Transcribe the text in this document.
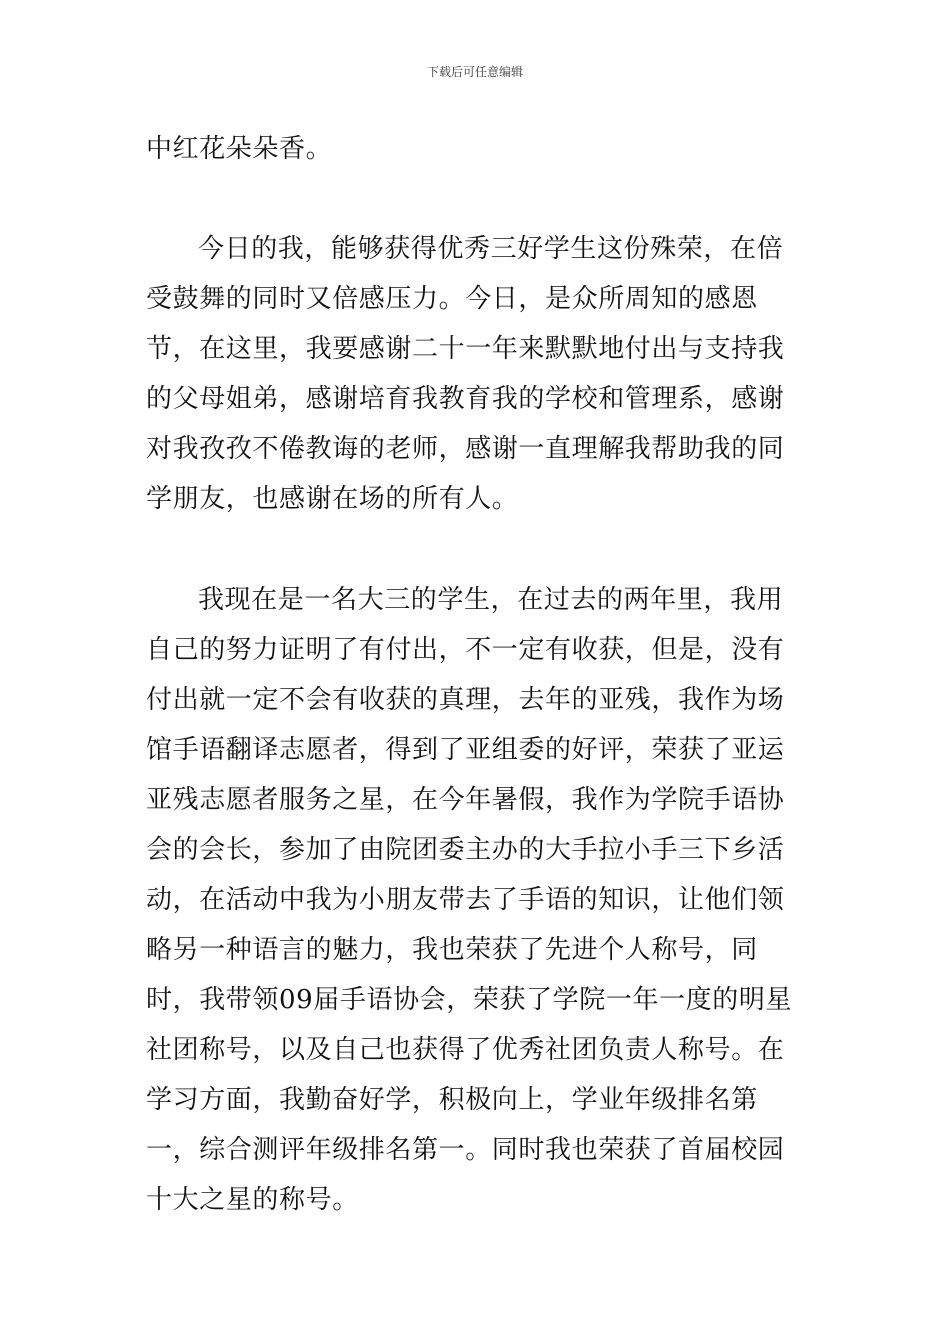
下载后可任意编辑

中红花朵朵香。

今日的我，能够获得优秀三好学生这份殊荣，在倍受鼓舞的同时又倍感压力。今日，是众所周知的感恩节，在这里，我要感谢二十一年来默默地付出与支持我的父母姐弟，感谢培育我教育我的学校和管理系，感谢对我孜孜不倦教诲的老师，感谢一直理解我帮助我的同学朋友，也感谢在场的所有人。

我现在是一名大三的学生，在过去的两年里，我用自己的努力证明了有付出，不一定有收获，但是，没有付出就一定不会有收获的真理，去年的亚残，我作为场馆手语翻译志愿者，得到了亚组委的好评，荣获了亚运亚残志愿者服务之星，在今年暑假，我作为学院手语协会的会长，参加了由院团委主办的大手拉小手三下乡活动，在活动中我为小朋友带去了手语的知识，让他们领略另一种语言的魅力，我也荣获了先进个人称号，同时，我带领09届手语协会，荣获了学院一年一度的明星社团称号，以及自己也获得了优秀社团负责人称号。在学习方面，我勤奋好学，积极向上，学业年级排名第一，综合测评年级排名第一。同时我也荣获了首届校园十大之星的称号。
